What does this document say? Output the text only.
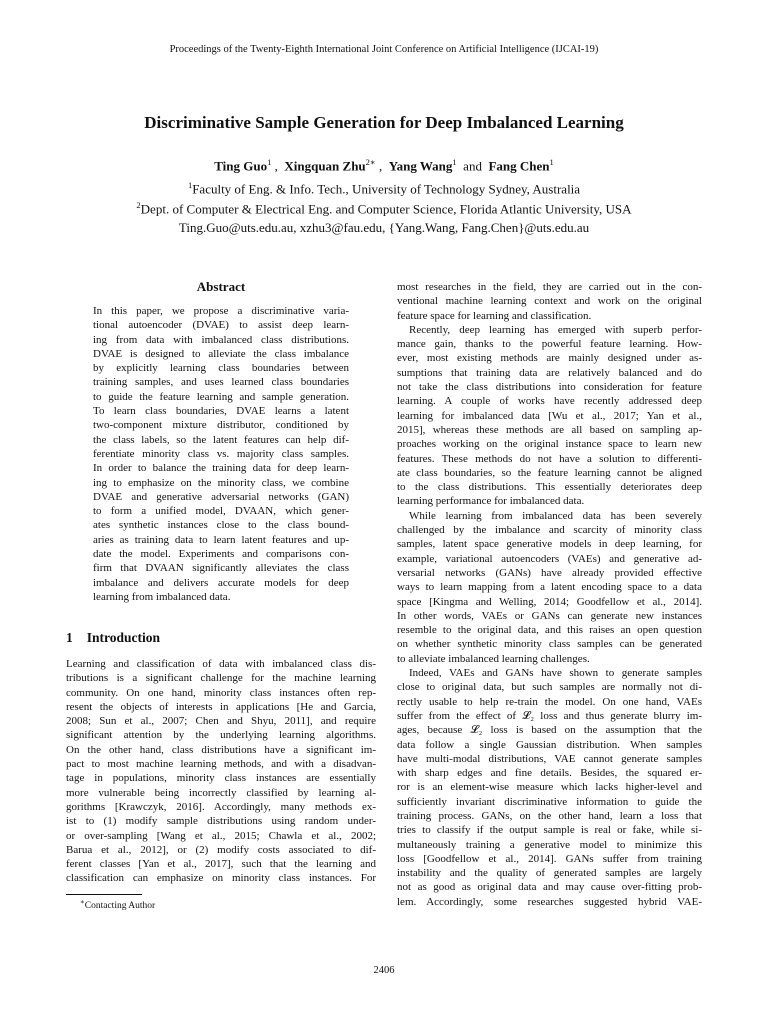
Proceedings of the Twenty-Eighth International Joint Conference on Artificial Intelligence (IJCAI-19)
Discriminative Sample Generation for Deep Imbalanced Learning
Ting Guo$^1$ ,  Xingquan Zhu$^{2∗}$ ,  Yang Wang$^1$  and  Fang Chen$^1$
$^1$Faculty of Eng. & Info. Tech., University of Technology Sydney, Australia
$^2$Dept. of Computer & Electrical Eng. and Computer Science, Florida Atlantic University, USA
Ting.Guo@uts.edu.au, xzhu3@fau.edu, {Yang.Wang, Fang.Chen}@uts.edu.au
Abstract
In this paper, we propose a discriminative varia-
tional autoencoder (DVAE) to assist deep learn-
ing from data with imbalanced class distributions.
DVAE is designed to alleviate the class imbalance
by explicitly learning class boundaries between
training samples, and uses learned class boundaries
to guide the feature learning and sample generation.
To learn class boundaries, DVAE learns a latent
two-component mixture distributor, conditioned by
the class labels, so the latent features can help dif-
ferentiate minority class vs. majority class samples.
In order to balance the training data for deep learn-
ing to emphasize on the minority class, we combine
DVAE and generative adversarial networks (GAN)
to form a unified model, DVAAN, which gener-
ates synthetic instances close to the class bound-
aries as training data to learn latent features and up-
date the model. Experiments and comparisons con-
firm that DVAAN significantly alleviates the class
imbalance and delivers accurate models for deep
learning from imbalanced data.
1 Introduction
Learning and classification of data with imbalanced class dis-
tributions is a significant challenge for the machine learning
community. On one hand, minority class instances often rep-
resent the objects of interests in applications [He and Garcia,
2008; Sun et al., 2007; Chen and Shyu, 2011], and require
significant attention by the underlying learning algorithms.
On the other hand, class distributions have a significant im-
pact to most machine learning methods, and with a disadvan-
tage in populations, minority class instances are essentially
more vulnerable being incorrectly classified by learning al-
gorithms [Krawczyk, 2016]. Accordingly, many methods ex-
ist to (1) modify sample distributions using random under-
or over-sampling [Wang et al., 2015; Chawla et al., 2002;
Barua et al., 2012], or (2) modify costs associated to dif-
ferent classes [Yan et al., 2017], such that the learning and
classification can emphasize on minority class instances. For
most researches in the field, they are carried out in the con-
ventional machine learning context and work on the original
feature space for learning and classification.
Recently, deep learning has emerged with superb perfor-
mance gain, thanks to the powerful feature learning. How-
ever, most existing methods are mainly designed under as-
sumptions that training data are relatively balanced and do
not take the class distributions into consideration for feature
learning. A couple of works have recently addressed deep
learning for imbalanced data [Wu et al., 2017; Yan et al.,
2015], whereas these methods are all based on sampling ap-
proaches working on the original instance space to learn new
features. These methods do not have a solution to differenti-
ate class boundaries, so the feature learning cannot be aligned
to the class distributions. This essentially deteriorates deep
learning performance for imbalanced data.
While learning from imbalanced data has been severely
challenged by the imbalance and scarcity of minority class
samples, latent space generative models in deep learning, for
example, variational autoencoders (VAEs) and generative ad-
versarial networks (GANs) have already provided effective
ways to learn mapping from a latent encoding space to a data
space [Kingma and Welling, 2014; Goodfellow et al., 2014].
In other words, VAEs or GANs can generate new instances
resemble to the original data, and this raises an open question
on whether synthetic minority class samples can be generated
to alleviate imbalanced learning challenges.
Indeed, VAEs and GANs have shown to generate samples
close to original data, but such samples are normally not di-
rectly usable to help re-train the model. On one hand, VAEs
suffer from the effect of 𝓛₂ loss and thus generate blurry im-
ages, because 𝓛₂ loss is based on the assumption that the
data follow a single Gaussian distribution. When samples
have multi-modal distributions, VAE cannot generate samples
with sharp edges and fine details. Besides, the squared er-
ror is an element-wise measure which lacks higher-level and
sufficiently invariant discriminative information to guide the
training process. GANs, on the other hand, learn a loss that
tries to classify if the output sample is real or fake, while si-
multaneously training a generative model to minimize this
loss [Goodfellow et al., 2014]. GANs suffer from training
instability and the quality of generated samples are largely
not as good as original data and may cause over-fitting prob-
lem. Accordingly, some researches suggested hybrid VAE-
∗Contacting Author
2406
